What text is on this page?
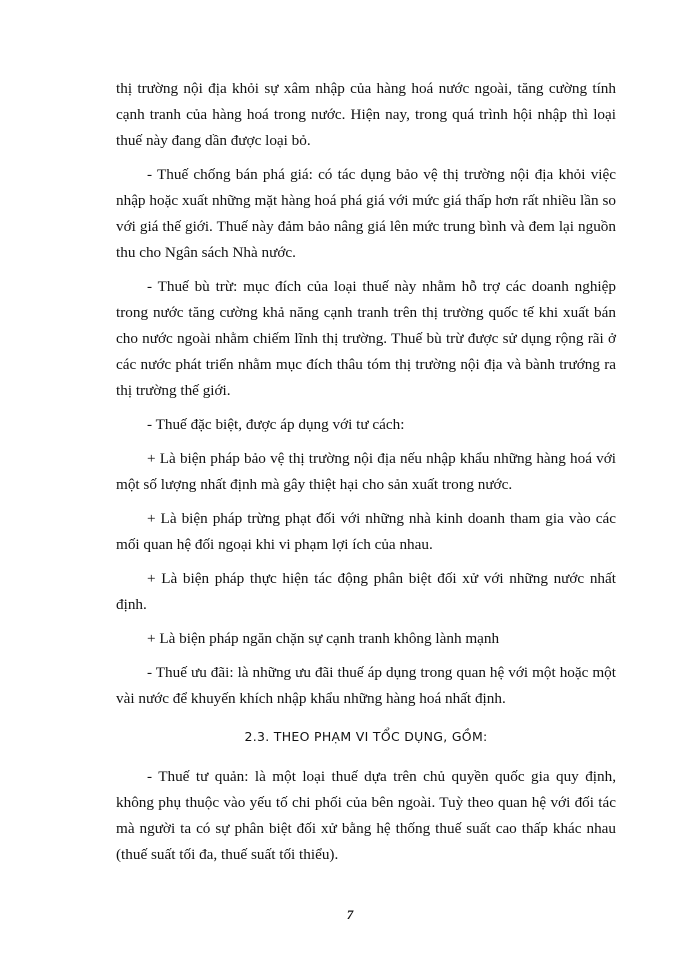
thị trường nội địa khỏi sự xâm nhập của hàng hoá nước ngoài, tăng cường tính cạnh tranh của hàng hoá trong nước. Hiện nay, trong quá trình hội nhập thì loại thuế này đang dần được loại bỏ.

- Thuế chống bán phá giá: có tác dụng bảo vệ thị trường nội địa khỏi việc nhập hoặc xuất những mặt hàng hoá phá giá với mức giá thấp hơn rất nhiều lần so với giá thế giới. Thuế này đảm bảo nâng giá lên mức trung bình và đem lại nguồn thu cho Ngân sách Nhà nước.

- Thuế bù trừ: mục đích của loại thuế này nhằm hỗ trợ các doanh nghiệp trong nước tăng cường khả năng cạnh tranh trên thị trường quốc tế khi xuất bán cho nước ngoài nhằm chiếm lĩnh thị trường. Thuế bù trừ được sử dụng rộng rãi ở các nước phát triển nhằm mục đích thâu tóm thị trường nội địa và bành trướng ra thị trường thế giới.

- Thuế đặc biệt, được áp dụng với tư cách:

+ Là biện pháp bảo vệ thị trường nội địa nếu nhập khẩu những hàng hoá với một số lượng nhất định mà gây thiệt hại cho sản xuất trong nước.

+ Là biện pháp trừng phạt đối với những nhà kinh doanh tham gia vào các mối quan hệ đối ngoại khi vi phạm lợi ích của nhau.

+ Là biện pháp thực hiện tác động phân biệt đối xử với những nước nhất định.

+ Là biện pháp ngăn chặn sự cạnh tranh không lành mạnh

- Thuế ưu đãi: là những ưu đãi thuế áp dụng trong quan hệ với một hoặc một vài nước để khuyến khích nhập khẩu những hàng hoá nhất định.

2.3. THEO PHẠM VI TỔC DỤNG, GỒM:

- Thuế tư quản: là một loại thuế dựa trên chủ quyền quốc gia quy định, không phụ thuộc vào yếu tố chi phối của bên ngoài. Tuỳ theo quan hệ với đối tác mà người ta có sự phân biệt đối xử bằng hệ thống thuế suất cao thấp khác nhau (thuế suất tối đa, thuế suất tối thiểu).

7
